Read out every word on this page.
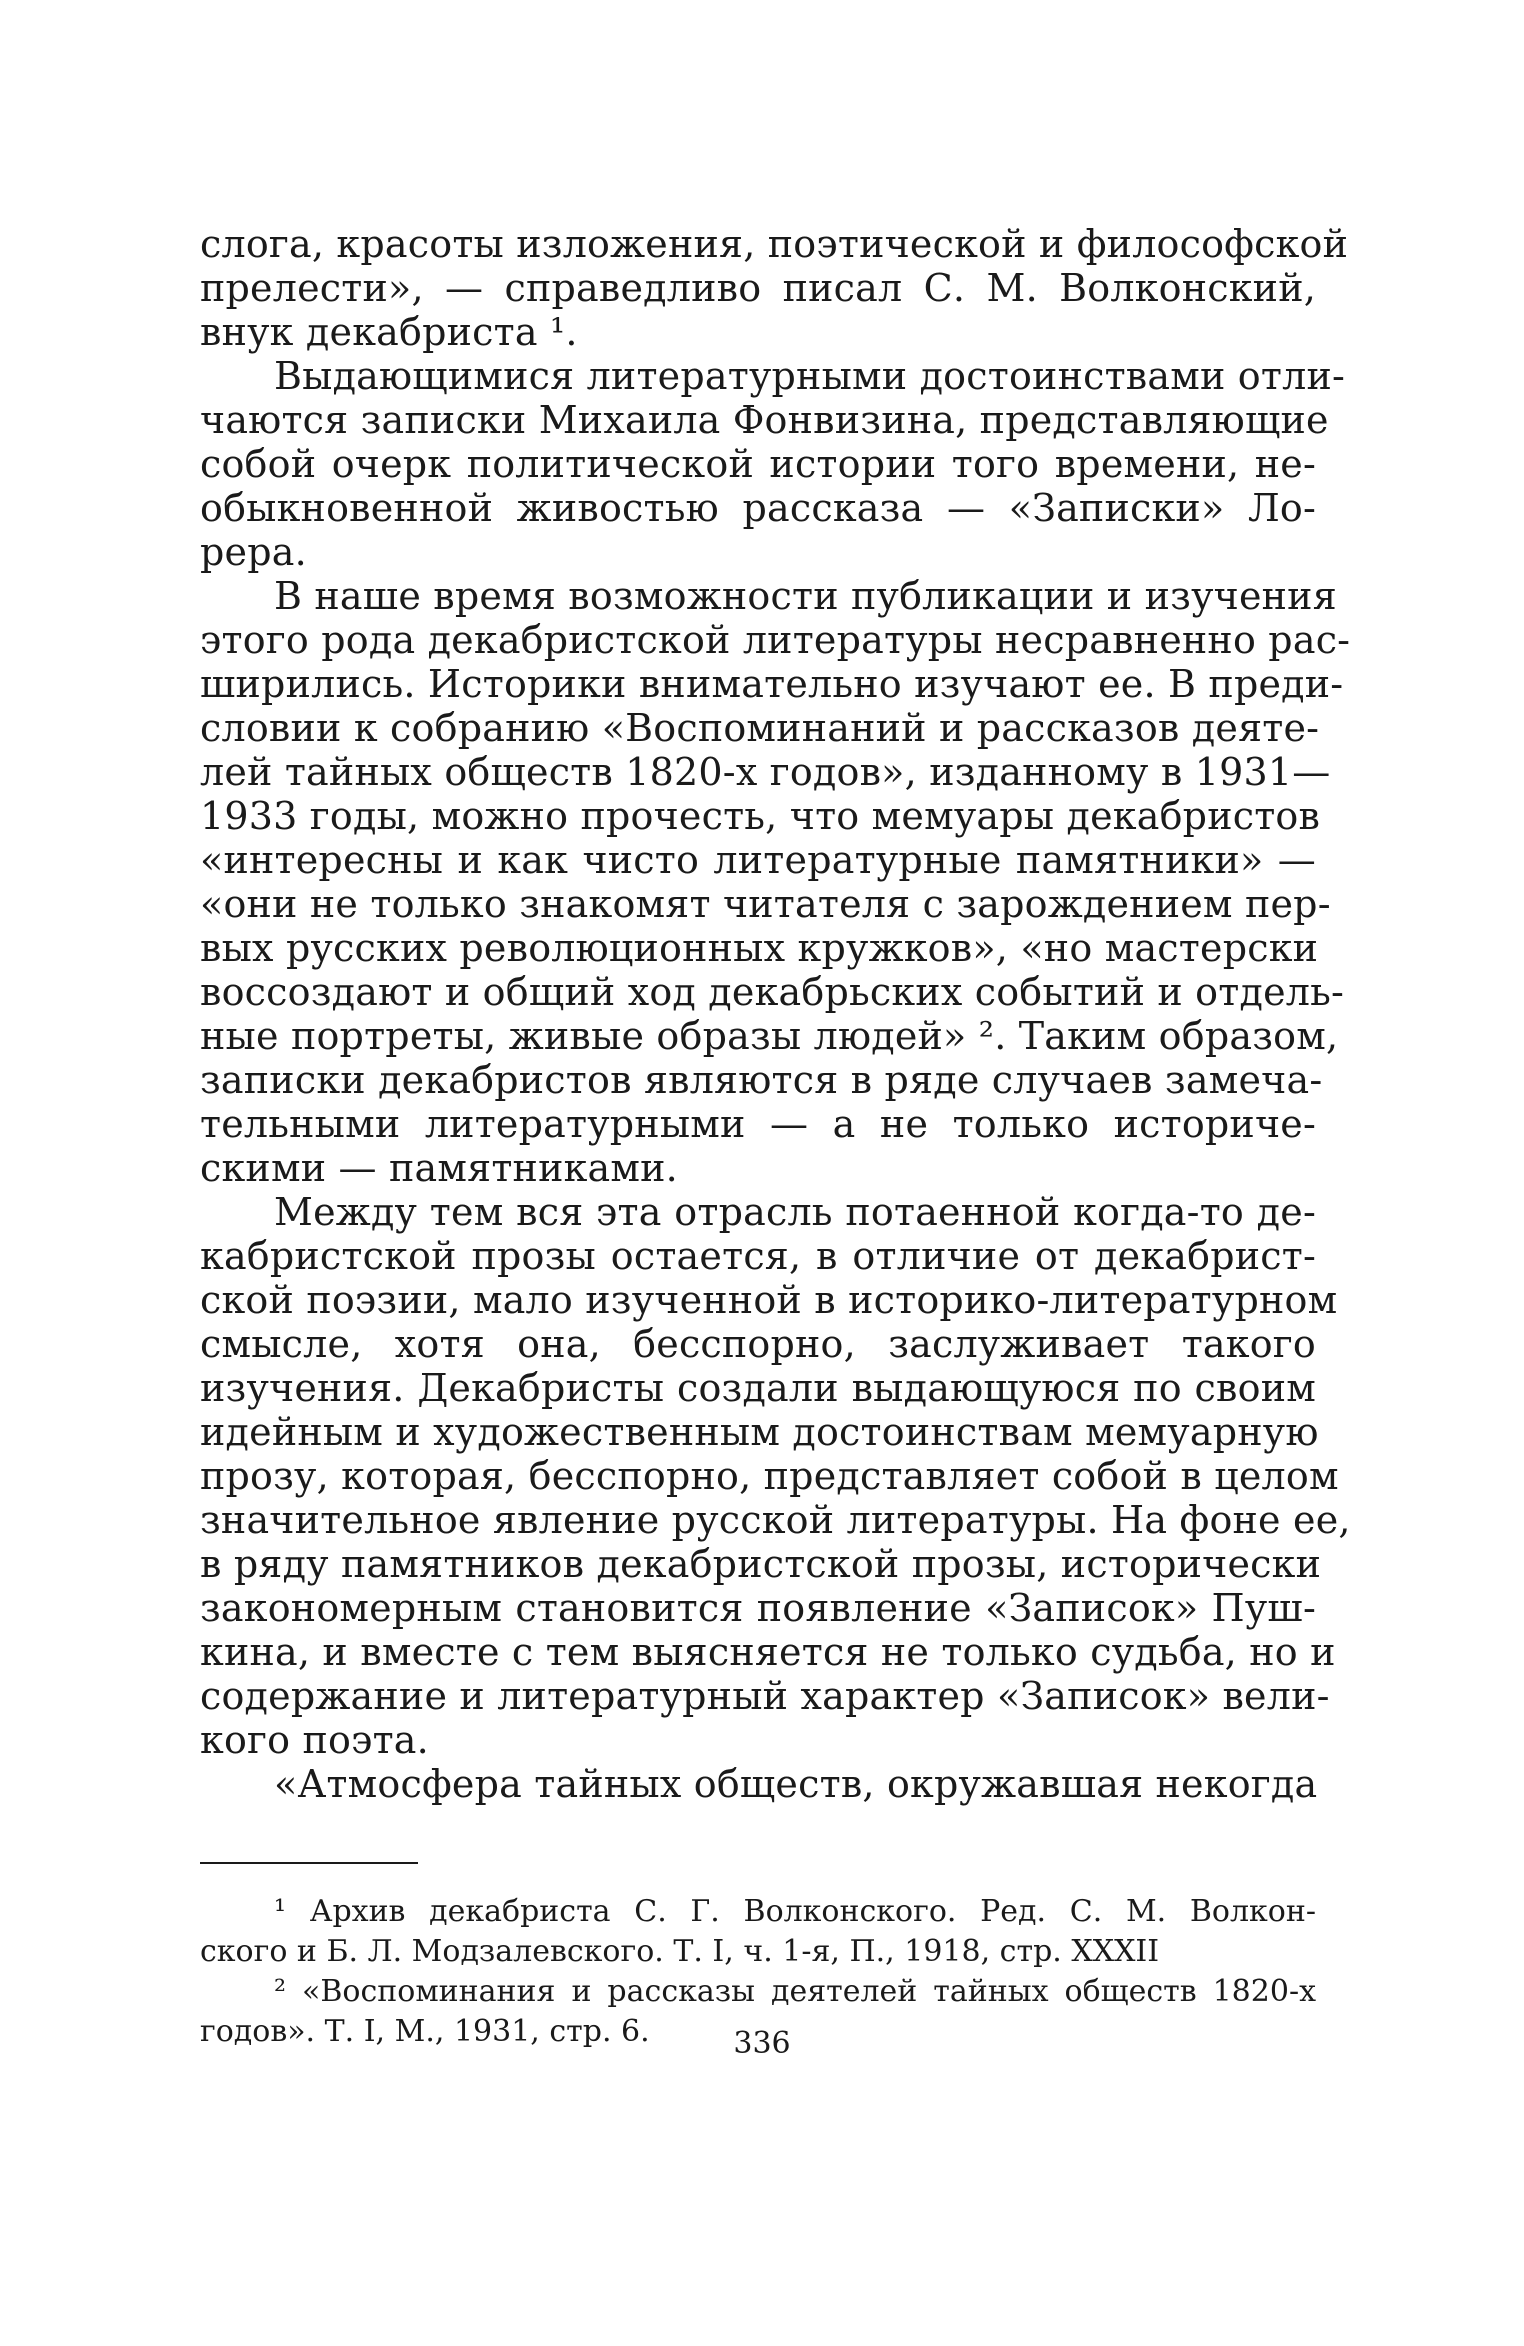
слога, красоты изложения, поэтической и философской
прелести», — справедливо писал С. М. Волконский,
внук декабриста ¹.
Выдающимися литературными достоинствами отли-
чаются записки Михаила Фонвизина, представляющие
собой очерк политической истории того времени, не-
обыкновенной живостью рассказа — «Записки» Ло-
рера.
В наше время возможности публикации и изучения
этого рода декабристской литературы несравненно рас-
ширились. Историки внимательно изучают ее. В преди-
словии к собранию «Воспоминаний и рассказов деяте-
лей тайных обществ 1820-х годов», изданному в 1931—
1933 годы, можно прочесть, что мемуары декабристов
«интересны и как чисто литературные памятники» —
«они не только знакомят читателя с зарождением пер-
вых русских революционных кружков», «но мастерски
воссоздают и общий ход декабрьских событий и отдель-
ные портреты, живые образы людей» ². Таким образом,
записки декабристов являются в ряде случаев замеча-
тельными литературными — а не только историче-
скими — памятниками.
Между тем вся эта отрасль потаенной когда-то де-
кабристской прозы остается, в отличие от декабрист-
ской поэзии, мало изученной в историко-литературном
смысле, хотя она, бесспорно, заслуживает такого
изучения. Декабристы создали выдающуюся по своим
идейным и художественным достоинствам мемуарную
прозу, которая, бесспорно, представляет собой в целом
значительное явление русской литературы. На фоне ее,
в ряду памятников декабристской прозы, исторически
закономерным становится появление «Записок» Пуш-
кина, и вместе с тем выясняется не только судьба, но и
содержание и литературный характер «Записок» вели-
кого поэта.
«Атмосфера тайных обществ, окружавшая некогда
¹ Архив декабриста С. Г. Волконского. Ред. С. М. Волкон-
ского и Б. Л. Модзалевского. Т. I, ч. 1-я, П., 1918, стр. XXXII
² «Воспоминания и рассказы деятелей тайных обществ 1820-х
годов». Т. I, М., 1931, стр. 6.	336
